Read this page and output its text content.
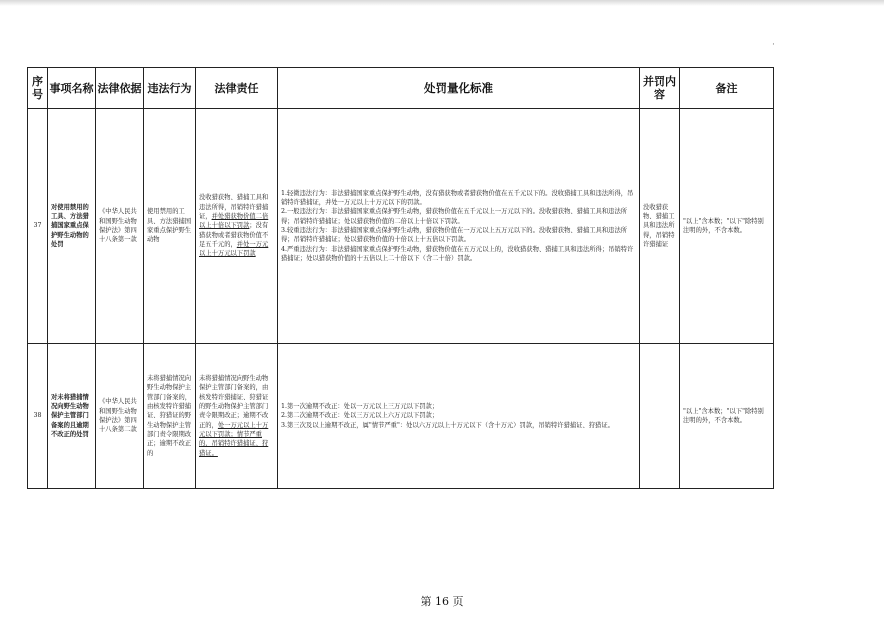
·
序号	事项名称	法律依据	违法行为	法律责任	处罚量化标准	并罚内容	备注
37	对使用禁用的工具、方法猎捕国家重点保护野生动物的处罚	《中华人民共和国野生动物保护法》第四十八条第一款	使用禁用的工具、方法猎捕国家重点保护野生动物	没收猎获物、猎捕工具和违法所得，吊销特许猎捕证，并处猎获物价值二倍以上十倍以下罚款；没有猎获物或者猎获物价值不足五千元的，并处一万元以上十万元以下罚款	1.轻微违法行为：非法猎捕国家重点保护野生动物，没有猎获物或者猎获物价值在五千元以下的。没收猎捕工具和违法所得，吊销特许猎捕证，并处一万元以上十万元以下的罚款。
2.一般违法行为：非法猎捕国家重点保护野生动物，猎获物价值在五千元以上一万元以下的。没收猎获物、猎捕工具和违法所得；吊销特许猎捕证；处以猎获物价值的二倍以上十倍以下罚款。
3.较重违法行为：非法猎捕国家重点保护野生动物，猎获物价值在一万元以上五万元以下的。没收猎获物、猎捕工具和违法所得；吊销特许猎捕证；处以猎获物价值的十倍以上十五倍以下罚款。
4.严重违法行为：非法猎捕国家重点保护野生动物，猎获物价值在五万元以上的，没收猎获物、猎捕工具和违法所得；吊销特许猎捕证；处以猎获物价值的十五倍以上二十倍以下（含二十倍）罚款。	没收猎获物、猎捕工具和违法所得，吊销特许猎捕证	"以上"含本数；"以下"除特别注明的外，不含本数。
38	对未将猎捕情况向野生动物保护主管部门备案的且逾期不改正的处罚	《中华人民共和国野生动物保护法》第四十八条第二款	未将猎捕情况向野生动物保护主管部门备案的，由核发特许猎捕证、狩猎证的野生动物保护主管部门责令限期改正；逾期不改正的	未将猎捕情况向野生动物保护主管部门备案的，由核发特许猎捕证、狩猎证的野生动物保护主管部门责令限期改正；逾期不改正的，处一万元以上十万元以下罚款；情节严重的，吊销特许猎捕证、狩猎证。	1.第一次逾期不改正：处以一万元以上三万元以下罚款；
2.第二次逾期不改正：处以三万元以上六万元以下罚款；
3.第三次及以上逾期不改正，属"情节严重"：处以六万元以上十万元以下（含十万元）罚款，吊销特许猎捕证、狩猎证。		"以上"含本数；"以下"除特别注明的外，不含本数。
第 16 页
